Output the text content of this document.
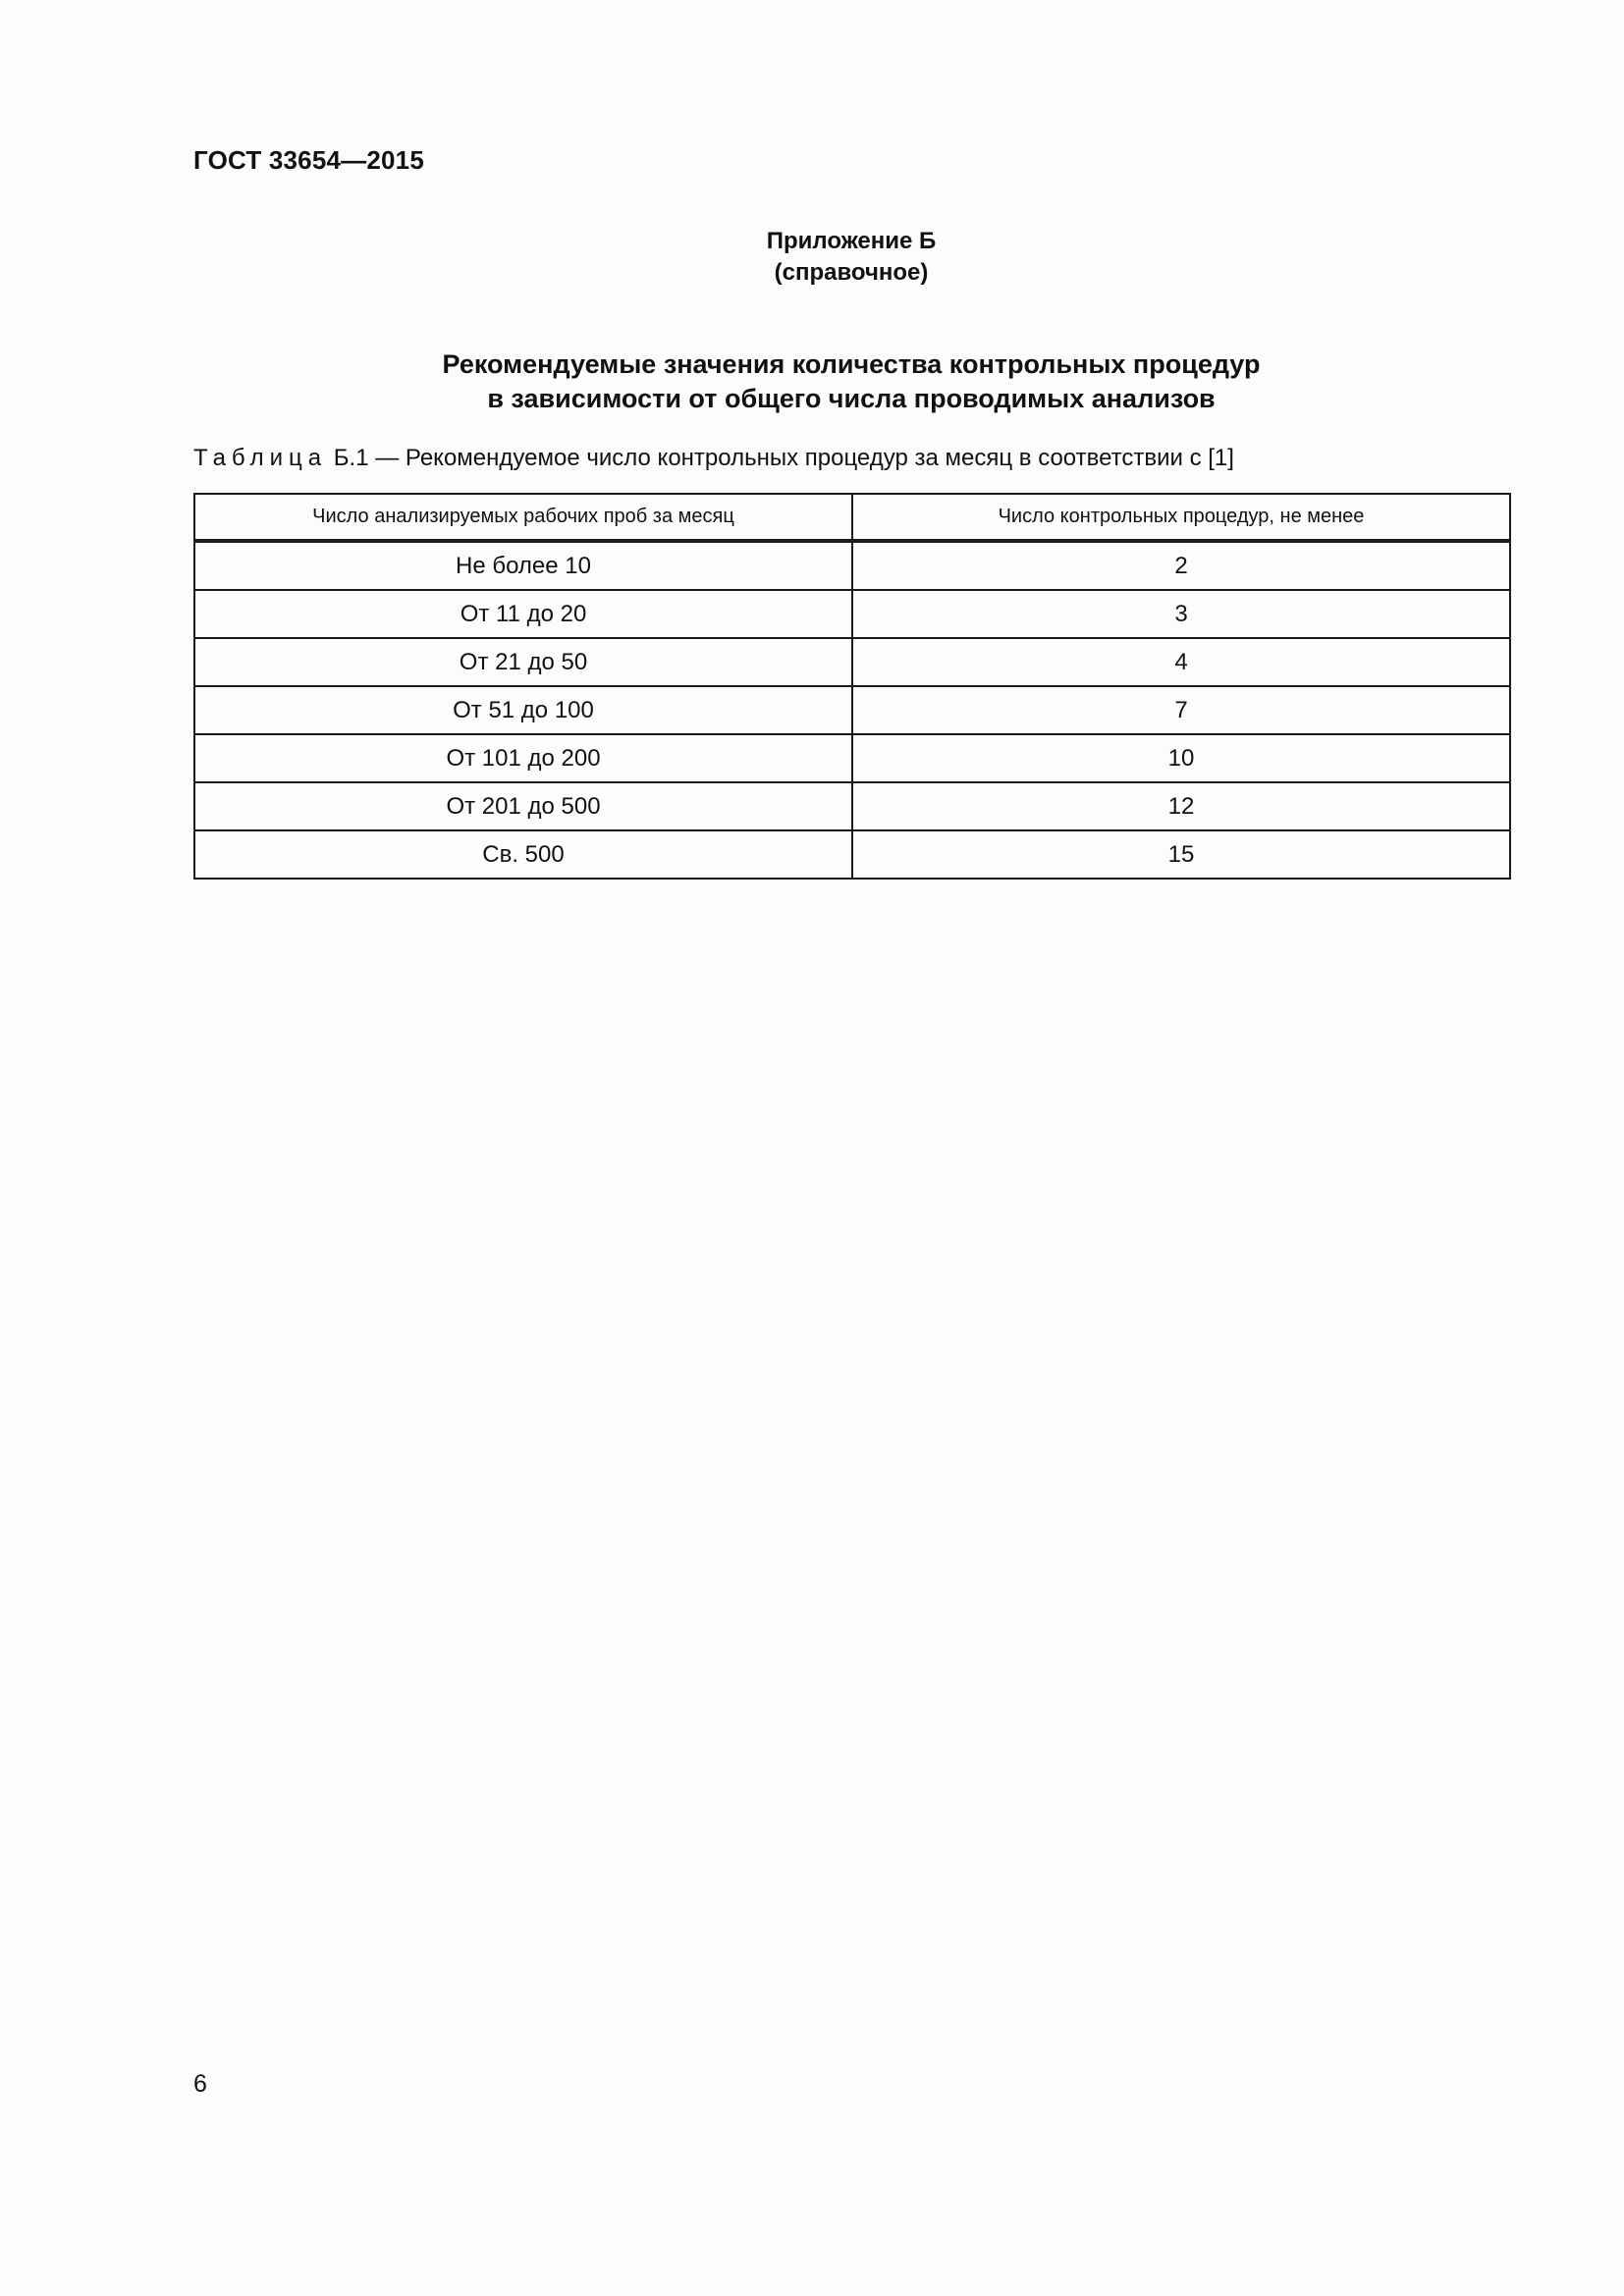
ГОСТ 33654—2015
Приложение Б
(справочное)
Рекомендуемые значения количества контрольных процедур
в зависимости от общего числа проводимых анализов
Таблица Б.1 — Рекомендуемое число контрольных процедур за месяц в соответствии с [1]
Число анализируемых рабочих проб за месяц	Число контрольных процедур, не менее
Не более 10	2
От 11 до 20	3
От 21 до 50	4
От 51 до 100	7
От 101 до 200	10
От 201 до 500	12
Св. 500	15
6
